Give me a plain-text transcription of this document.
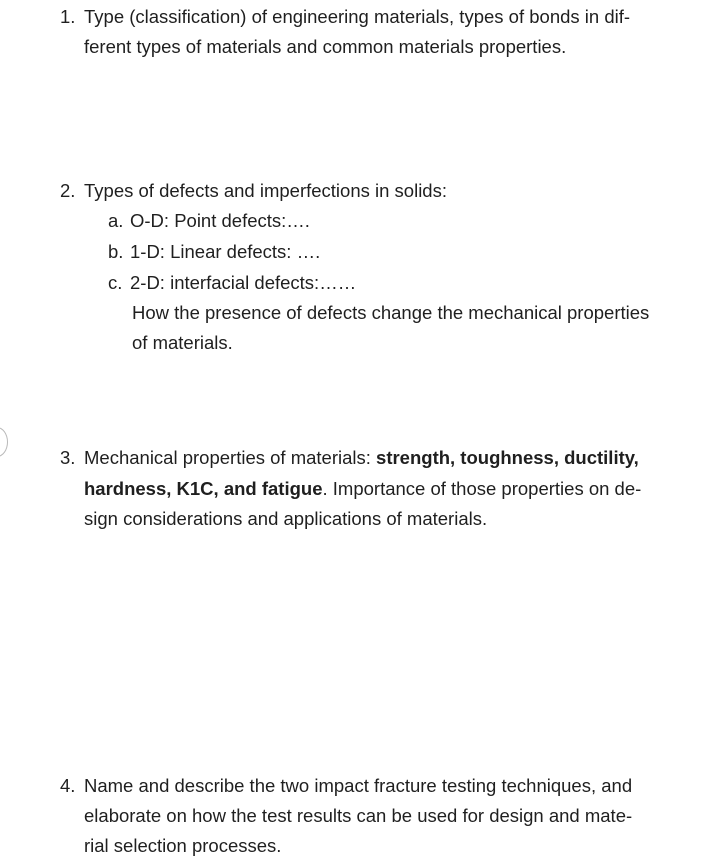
1. Type (classification) of engineering materials, types of bonds in dif-
ferent types of materials and common materials properties.
2. Types of defects and imperfections in solids:
a. O-D: Point defects:….
b. 1-D: Linear defects: ….
c. 2-D: interfacial defects:……
How the presence of defects change the mechanical properties
of materials.
3. Mechanical properties of materials: strength, toughness, ductility,
hardness, K1C, and fatigue. Importance of those properties on de-
sign considerations and applications of materials.
4. Name and describe the two impact fracture testing techniques, and
elaborate on how the test results can be used for design and mate-
rial selection processes.
